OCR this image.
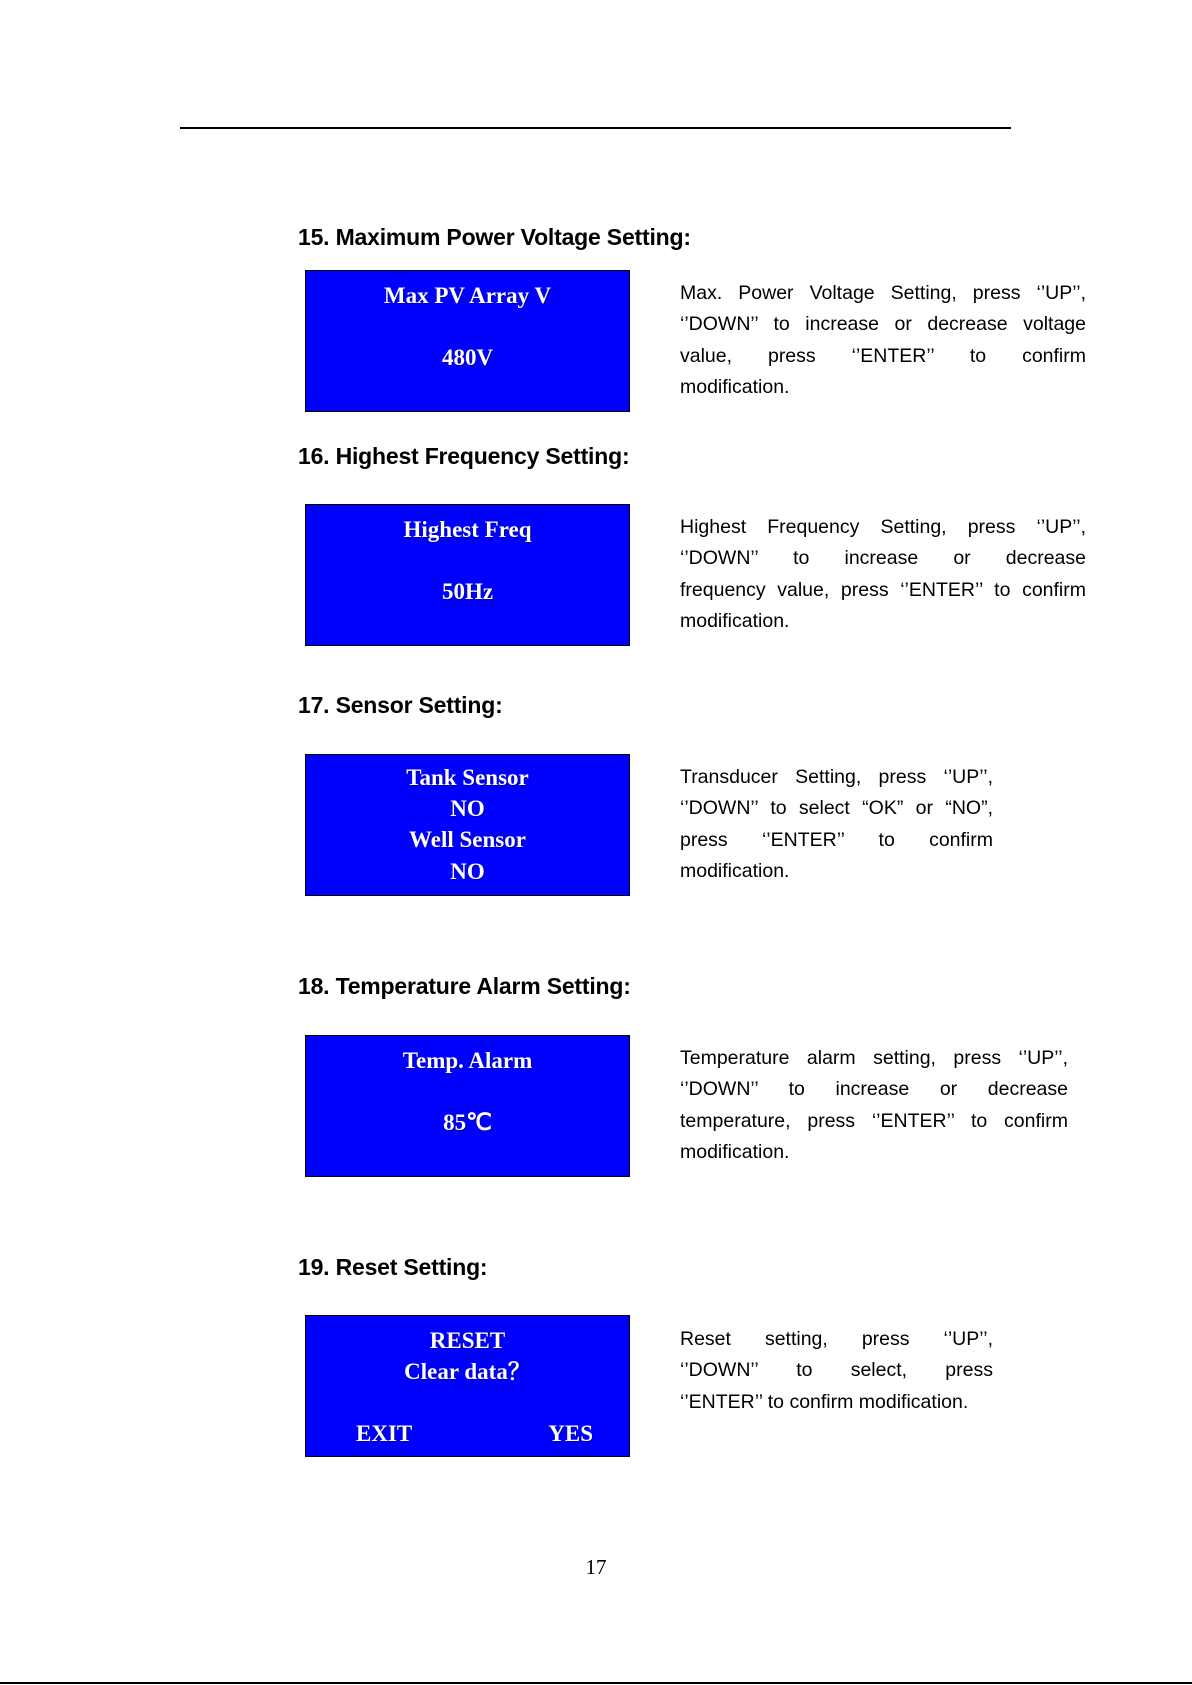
15. Maximum Power Voltage Setting:
Max PV Array V
480V

Max. Power Voltage Setting, press ‘’UP’’,
‘’DOWN’’ to increase or decrease voltage
value, press ‘’ENTER’’ to confirm
modification.

16. Highest Frequency Setting:
Highest Freq
50Hz

Highest Frequency Setting, press ‘’UP’’,
‘’DOWN’’ to increase or decrease
frequency value, press ‘’ENTER’’ to confirm
modification.

17. Sensor Setting:
Tank Sensor
NO
Well Sensor
NO

Transducer Setting, press ‘’UP’’,
‘’DOWN’’ to select “OK” or “NO”,
press ‘’ENTER’’ to confirm
modification.

18. Temperature Alarm Setting:
Temp. Alarm
85℃

Temperature alarm setting, press ‘’UP’’,
‘’DOWN’’ to increase or decrease
temperature, press ‘’ENTER’’ to confirm
modification.

19. Reset Setting:
RESET
Clear data？
EXIT	YES

Reset setting, press ‘’UP’’,
‘’DOWN’’ to select, press
‘’ENTER’’ to confirm modification.

17
